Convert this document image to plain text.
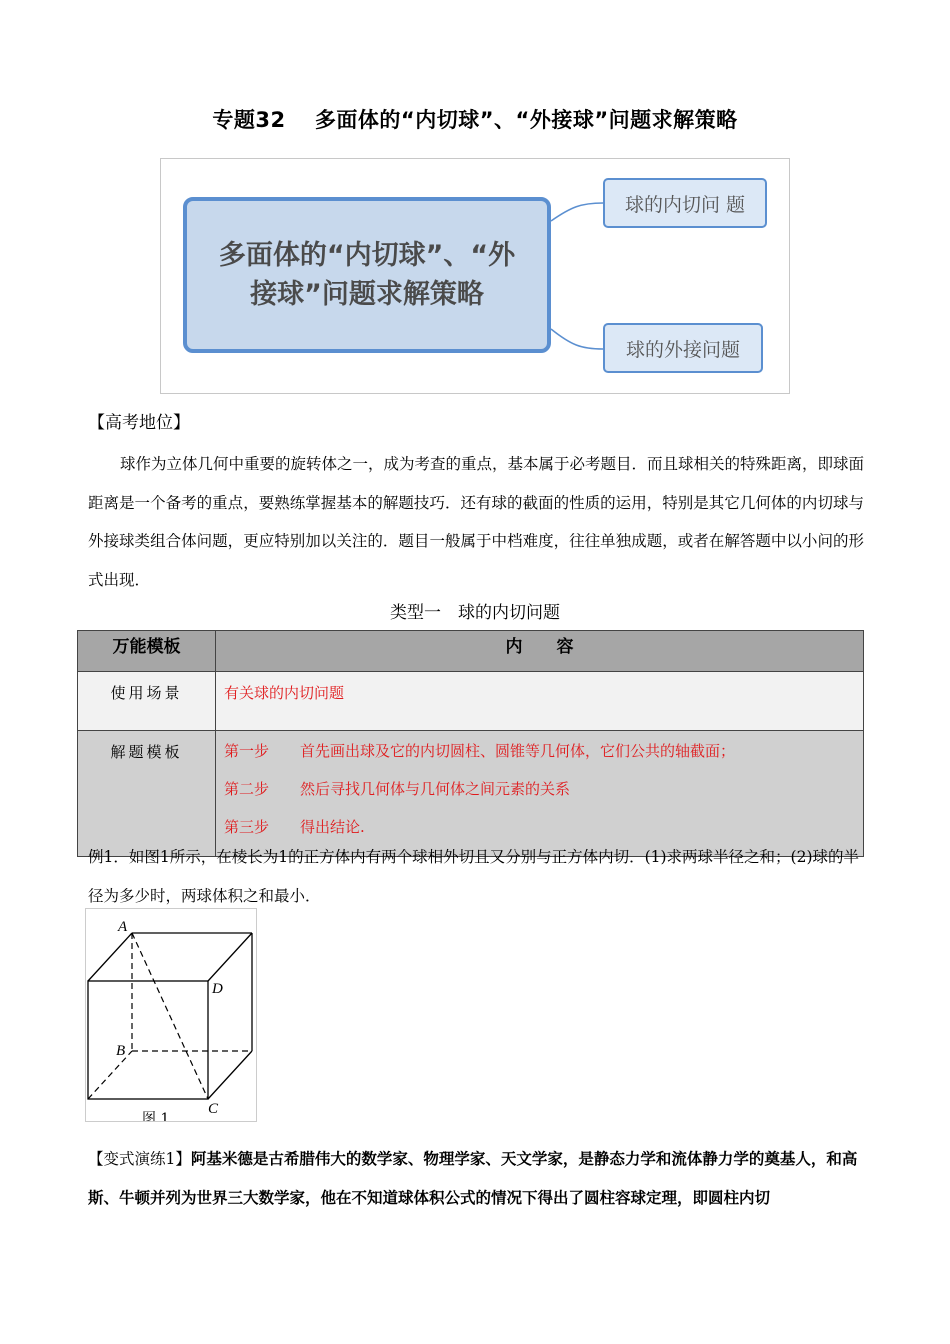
专题32　 多面体的“内切球”、“外接球”问题求解策略
多面体的“内切球”、“外接球”问题求解策略
球的内切问 题
球的外接问题
【高考地位】
球作为立体几何中重要的旋转体之一，成为考查的重点，基本属于必考题目．而且球相关的特殊距离，即球面距离是一个备考的重点，要熟练掌握基本的解题技巧．还有球的截面的性质的运用，特别是其它几何体的内切球与外接球类组合体问题，更应特别加以关注的．题目一般属于中档难度，往往单独成题，或者在解答题中以小问的形式出现．
类型一　球的内切问题
万能模板	内　　容
使用场景	有关球的内切问题
解题模板	第一步 首先画出球及它的内切圆柱、圆锥等几何体，它们公共的轴截面；
第二步 然后寻找几何体与几何体之间元素的关系
第三步 得出结论.
例1．如图1所示，在棱长为1的正方体内有两个球相外切且又分别与正方体内切．(1)求两球半径之和；(2)球的半径为多少时，两球体积之和最小．
A
D
B
C
图 1
【变式演练1】阿基米德是古希腊伟大的数学家、物理学家、天文学家，是静态力学和流体静力学的奠基人，和高斯、牛顿并列为世界三大数学家，他在不知道球体积公式的情况下得出了圆柱容球定理，即圆柱内切
